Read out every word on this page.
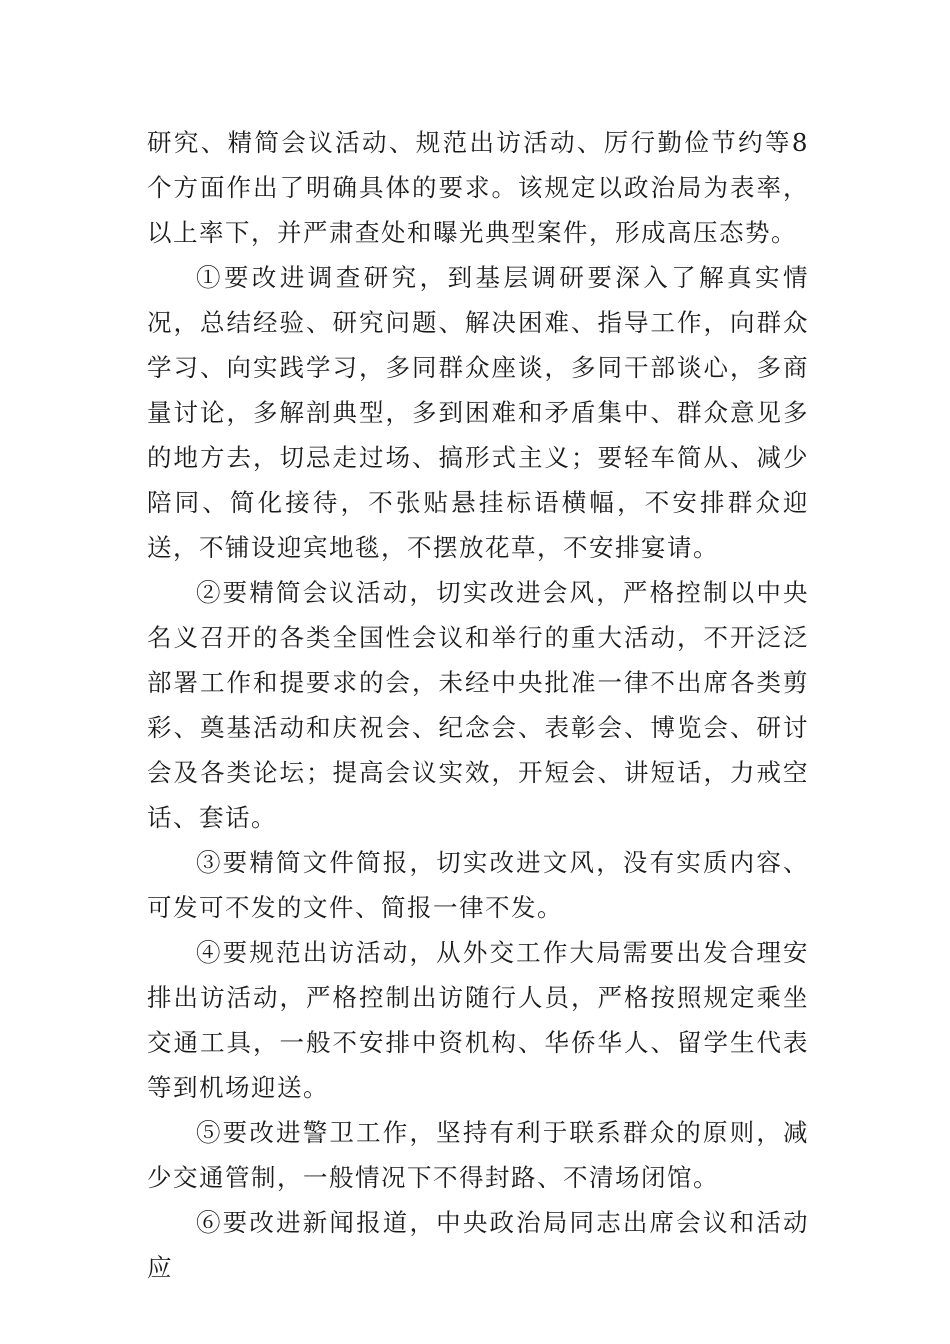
研究、精简会议活动、规范出访活动、厉行勤俭节约等8个方面作出了明确具体的要求。该规定以政治局为表率，以上率下，并严肃查处和曝光典型案件，形成高压态势。

①要改进调查研究，到基层调研要深入了解真实情况，总结经验、研究问题、解决困难、指导工作，向群众学习、向实践学习，多同群众座谈，多同干部谈心，多商量讨论，多解剖典型，多到困难和矛盾集中、群众意见多的地方去，切忌走过场、搞形式主义；要轻车简从、减少陪同、简化接待，不张贴悬挂标语横幅，不安排群众迎送，不铺设迎宾地毯，不摆放花草，不安排宴请。

②要精简会议活动，切实改进会风，严格控制以中央名义召开的各类全国性会议和举行的重大活动，不开泛泛部署工作和提要求的会，未经中央批准一律不出席各类剪彩、奠基活动和庆祝会、纪念会、表彰会、博览会、研讨会及各类论坛；提高会议实效，开短会、讲短话，力戒空话、套话。

③要精简文件简报，切实改进文风，没有实质内容、可发可不发的文件、简报一律不发。

④要规范出访活动，从外交工作大局需要出发合理安排出访活动，严格控制出访随行人员，严格按照规定乘坐交通工具，一般不安排中资机构、华侨华人、留学生代表等到机场迎送。

⑤要改进警卫工作，坚持有利于联系群众的原则，减少交通管制，一般情况下不得封路、不清场闭馆。

⑥要改进新闻报道，中央政治局同志出席会议和活动应
